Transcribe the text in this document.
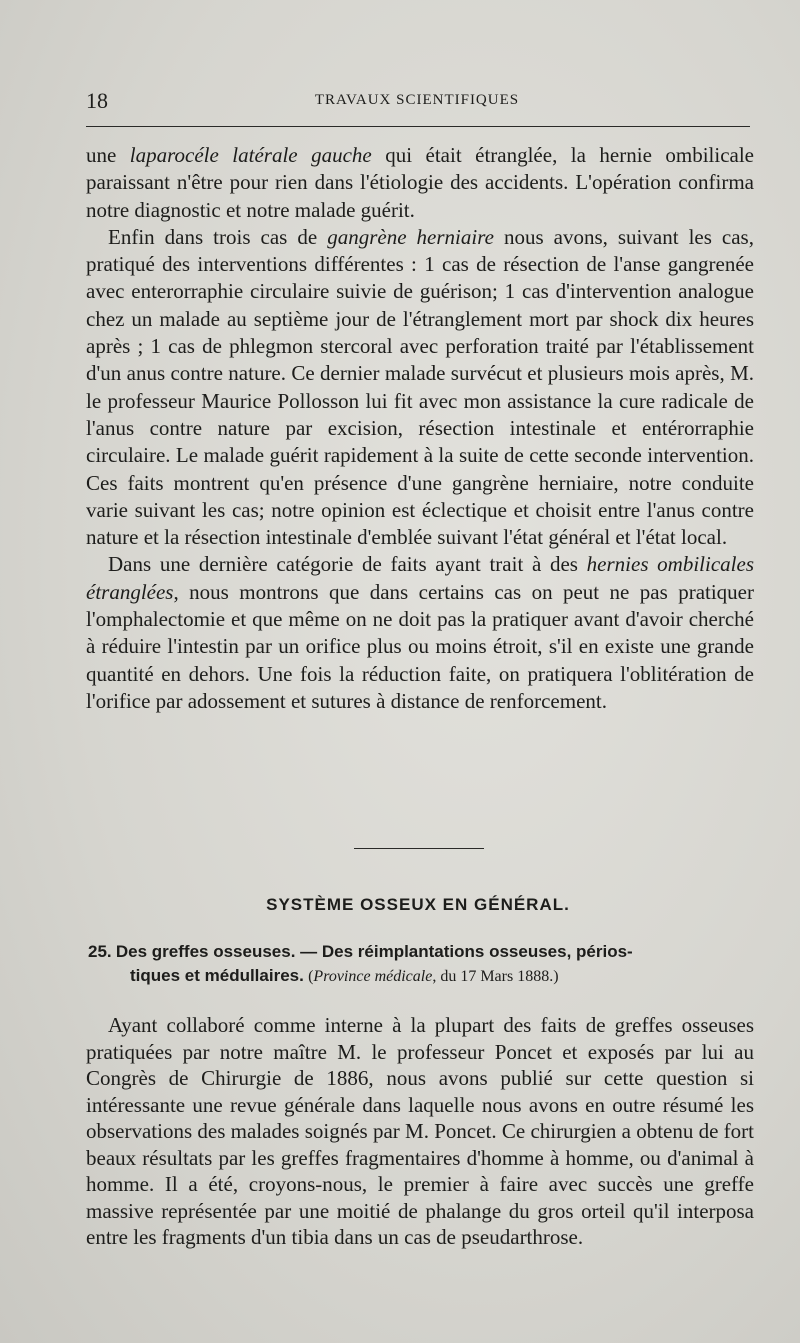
18	TRAVAUX SCIENTIFIQUES

une laparocéle latérale gauche qui était étranglée, la hernie ombilicale paraissant n'être pour rien dans l'étiologie des accidents. L'opération confirma notre diagnostic et notre malade guérit.

Enfin dans trois cas de gangrène herniaire nous avons, suivant les cas, pratiqué des interventions différentes : 1 cas de résection de l'anse gangrenée avec enterorraphie circulaire suivie de guérison; 1 cas d'intervention analogue chez un malade au septième jour de l'étranglement mort par shock dix heures après ; 1 cas de phlegmon stercoral avec perforation traité par l'établissement d'un anus contre nature. Ce dernier malade survécut et plusieurs mois après, M. le professeur Maurice Pollosson lui fit avec mon assistance la cure radicale de l'anus contre nature par excision, résection intestinale et entérorraphie circulaire. Le malade guérit rapidement à la suite de cette seconde intervention. Ces faits montrent qu'en présence d'une gangrène herniaire, notre conduite varie suivant les cas; notre opinion est éclectique et choisit entre l'anus contre nature et la résection intestinale d'emblée suivant l'état général et l'état local.

Dans une dernière catégorie de faits ayant trait à des hernies ombilicales étranglées, nous montrons que dans certains cas on peut ne pas pratiquer l'omphalectomie et que même on ne doit pas la pratiquer avant d'avoir cherché à réduire l'intestin par un orifice plus ou moins étroit, s'il en existe une grande quantité en dehors. Une fois la réduction faite, on pratiquera l'oblitération de l'orifice par adossement et sutures à distance de renforcement.

SYSTÈME OSSEUX EN GÉNÉRAL.
25. Des greffes osseuses. — Des réimplantations osseuses, périos-
tiques et médullaires. (Province médicale, du 17 Mars 1888.)

Ayant collaboré comme interne à la plupart des faits de greffes osseuses pratiquées par notre maître M. le professeur Poncet et exposés par lui au Congrès de Chirurgie de 1886, nous avons publié sur cette question si intéressante une revue générale dans laquelle nous avons en outre résumé les observations des malades soignés par M. Poncet. Ce chirurgien a obtenu de fort beaux résultats par les greffes fragmentaires d'homme à homme, ou d'animal à homme. Il a été, croyons-nous, le premier à faire avec succès une greffe massive représentée par une moitié de phalange du gros orteil qu'il interposa entre les fragments d'un tibia dans un cas de pseudarthrose.
